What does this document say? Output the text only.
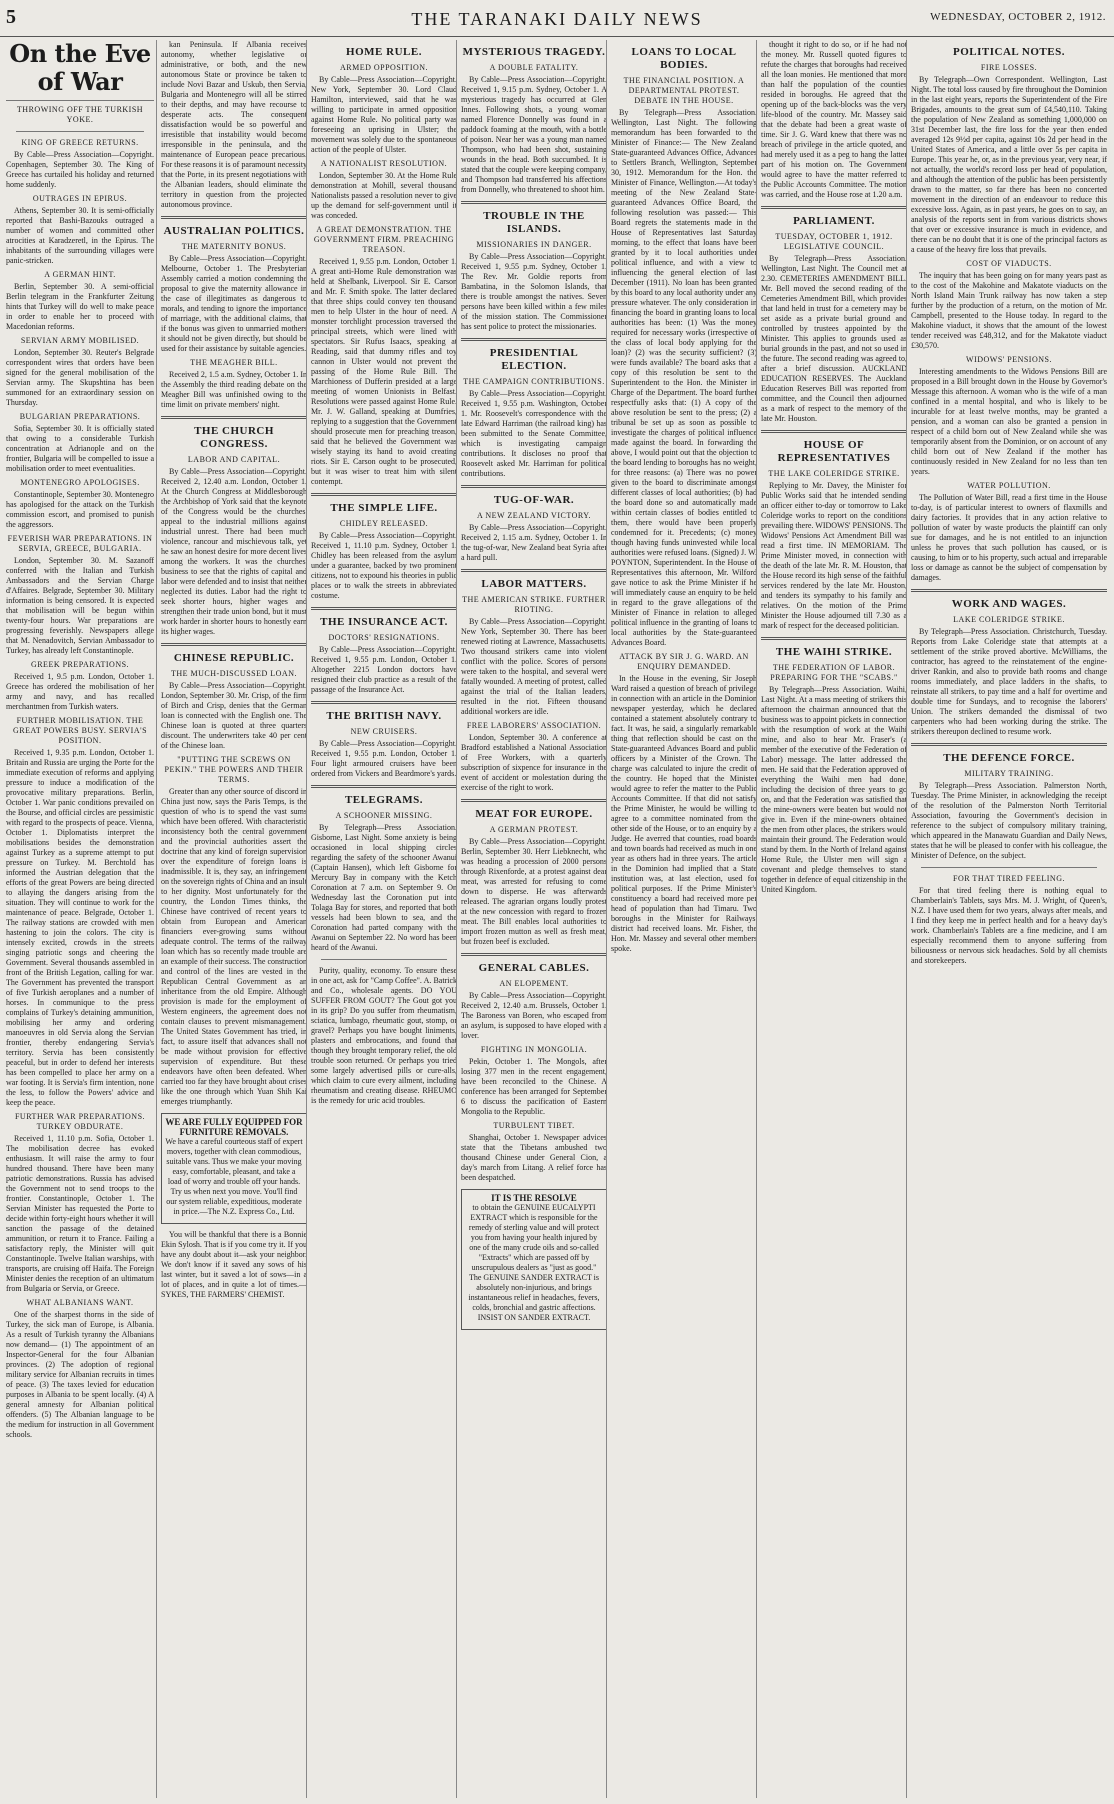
5	THE TARANAKI DAILY NEWS	WEDNESDAY, OCTOBER 2, 1912.
On the Eve of War
THROWING OFF THE TURKISH YOKE.
KING OF GREECE RETURNS.

By Cable—Press Association—Copyright. Copenhagen, September 30. The King of Greece has curtailed his holiday and returned home suddenly.

OUTRAGES IN EPIRUS.

Athens, September 30. It is semi-officially reported that Bashi-Bazouks outraged a number of women and committed other atrocities at Karadzeretl, in the Epirus. The inhabitants of the surrounding villages were panic-stricken.

A GERMAN HINT.

Berlin, September 30. A semi-official Berlin telegram in the Frankfurter Zeitung hints that Turkey will do well to make peace in order to enable her to proceed with Macedonian reforms.

SERVIAN ARMY MOBILISED.

London, September 30. Reuter's Belgrade correspondent wires that orders have been signed for the general mobilisation of the Servian army. The Skupshtina has been summoned for an extraordinary session on Thursday.

BULGARIAN PREPARATIONS.

Sofia, September 30. It is officially stated that owing to a considerable Turkish concentration at Adrianople and on the frontier, Bulgaria will be compelled to issue a mobilisation order to meet eventualities.

MONTENEGRO APOLOGISES.

Constantinople, September 30. Montenegro has apologised for the attack on the Turkish commission escort, and promised to punish the aggressors.

FEVERISH WAR PREPARATIONS. IN SERVIA, GREECE, BULGARIA.

London, September 30. M. Sazanoff conferred with the Italian and Turkish Ambassadors and the Servian Charge d'Affaires. Belgrade, September 30. Military information is being censored. It is expected that mobilisation will be begun within twenty-four hours. War preparations are progressing feverishly. Newspapers allege that M. Nenadovitch, Servian Ambassador to Turkey, has already left Constantinople.

GREEK PREPARATIONS.

Received 1, 9.5 p.m. London, October 1. Greece has ordered the mobilisation of her army and navy, and has recalled merchantmen from Turkish waters.

FURTHER MOBILISATION. THE GREAT POWERS BUSY. SERVIA'S POSITION.

Received 1, 9.35 p.m. London, October 1. Britain and Russia are urging the Porte for the immediate execution of reforms and applying pressure to induce a modification of the provocative military preparations. Berlin, October 1. War panic conditions prevailed on the Bourse, and official circles are pessimistic with regard to the prospects of peace. Vienna, October 1. Diplomatists interpret the mobilisations besides the demonstration against Turkey as a supreme attempt to put pressure on Turkey. M. Berchtold has informed the Austrian delegation that the efforts of the great Powers are being directed to allaying the dangers arising from the situation. They will continue to work for the maintenance of peace. Belgrade, October 1. The railway stations are crowded with men hastening to join the colors. The city is intensely excited, crowds in the streets singing patriotic songs and cheering the Government. Several thousands assembled in front of the British Legation, calling for war. The Government has prevented the transport of five Turkish aeroplanes and a number of horses. In communique to the press complains of Turkey's detaining ammunition, mobilising her army and ordering manoeuvres in old Servia along the Servian frontier, thereby endangering Servia's territory. Servia has been consistently peaceful, but in order to defend her interests has been compelled to place her army on a war footing. It is Servia's firm intention, none the less, to follow the Powers' advice and keep the peace.

FURTHER WAR PREPARATIONS. TURKEY OBDURATE.

Received 1, 11.10 p.m. Sofia, October 1. The mobilisation decree has evoked enthusiasm. It will raise the army to four hundred thousand. There have been many patriotic demonstrations. Russia has advised the Government not to send troops to the frontier. Constantinople, October 1. The Servian Minister has requested the Porte to decide within forty-eight hours whether it will sanction the passage of the detained ammunition, or return it to France. Failing a satisfactory reply, the Minister will quit Constantinople. Twelve Italian warships, with transports, are cruising off Haifa. The Foreign Minister denies the reception of an ultimatum from Bulgaria or Servia, or Greece.

WHAT ALBANIANS WANT.

One of the sharpest thorns in the side of Turkey, the sick man of Europe, is Albania. As a result of Turkish tyranny the Albanians now demand— (1) The appointment of an Inspector-General for the four Albanian provinces. (2) The adoption of regional military service for Albanian recruits in times of peace. (3) The taxes levied for education purposes in Albania to be spent locally. (4) A general amnesty for Albanian political offenders. (5) The Albanian language to be the medium for instruction in all Government schools.

kan Peninsula. If Albania receives autonomy, whether legislative or administrative, or both, and the new autonomous State or province be taken to include Novi Bazar and Uskub, then Servia, Bulgaria and Montenegro will all be stirred to their depths, and may have recourse to desperate acts. The consequent dissatisfaction would be so powerful and irresistible that instability would become irresponsible in the peninsula, and the maintenance of European peace precarious. For these reasons it is of paramount necessity that the Porte, in its present negotiations with the Albanian leaders, should eliminate the territory in question from the projected autonomous province.

AUSTRALIAN POLITICS.
THE MATERNITY BONUS.

By Cable—Press Association—Copyright. Melbourne, October 1. The Presbyterian Assembly carried a motion condemning the proposal to give the maternity allowance in the case of illegitimates as dangerous to morals, and tending to ignore the importance of marriage, with the additional claims, that if the bonus was given to unmarried mothers it should not be given directly, but should be used for their assistance by suitable agencies.

THE MEAGHER BILL.

Received 2, 1.5 a.m. Sydney, October 1. In the Assembly the third reading debate on the Meagher Bill was unfinished owing to the time limit on private members' night.

THE CHURCH CONGRESS.
LABOR AND CAPITAL.

By Cable—Press Association—Copyright. Received 2, 12.40 a.m. London, October 1. At the Church Congress at Middlesborough the Archbishop of York said that the keynote of the Congress would be the churches' appeal to the industrial millions against industrial unrest. There had been much violence, rancour and mischievous talk, yet he saw an honest desire for more decent lives among the workers. It was the churches' business to see that the rights of capital and labor were defended and to insist that neither neglected its duties. Labor had the right to seek shorter hours, higher wages and strengthen their trade union bond, but it must work harder in shorter hours to honestly earn its higher wages.

CHINESE REPUBLIC.
THE MUCH-DISCUSSED LOAN.

By Cable—Press Association—Copyright. London, September 30. Mr. Crisp, of the firm of Birch and Crisp, denies that the German loan is connected with the English one. The Chinese loan is quoted at three quarters discount. The underwriters take 40 per cent of the Chinese loan.

"PUTTING THE SCREWS ON PEKIN." THE POWERS AND THEIR TERMS.

Greater than any other source of discord in China just now, says the Paris Temps, is the question of who is to spend the vast sums which have been offered. With characteristic inconsistency both the central government and the provincial authorities assert the doctrine that any kind of foreign supervision over the expenditure of foreign loans is inadmissible. It is, they say, an infringement on the sovereign rights of China and an insult to her dignity. Most unfortunately for the country, the London Times thinks, the Chinese have contrived of recent years to obtain from European and American financiers ever-growing sums without adequate control. The terms of the railway loan which has so recently made trouble are an example of their success. The construction and control of the lines are vested in the Republican Central Government as an inheritance from the old Empire. Although provision is made for the employment of Western engineers, the agreement does not contain clauses to prevent mismanagement. The United States Government has tried, in fact, to assure itself that advances shall not be made without provision for effective supervision of expenditure. But these endeavors have often been defeated. When carried too far they have brought about crises like the one through which Yuan Shih Kai emerges triumphantly.

WE ARE FULLY EQUIPPED FOR FURNITURE REMOVALS.

We have a careful courteous staff of expert movers, together with clean commodious, suitable vans. Thus we make your moving easy, comfortable, pleasant, and take a load of worry and trouble off your hands. Try us when next you move. You'll find our system reliable, expeditious, moderate in price.—The N.Z. Express Co., Ltd.

You will be thankful that there is a Bonnie Ekin Sylosh. That is if you come try it. If you have any doubt about it—ask your neighbor. We don't know if it saved any sows of his last winter, but it saved a lot of sows—in a lot of places, and in quite a lot of times.—SYKES, THE FARMERS' CHEMIST.

HOME RULE.
ARMED OPPOSITION.

By Cable—Press Association—Copyright. New York, September 30. Lord Claud Hamilton, interviewed, said that he was willing to participate in armed opposition against Home Rule. No political party was foreseeing an uprising in Ulster; the movement was solely due to the spontaneous action of the people of Ulster.

A NATIONALIST RESOLUTION.

London, September 30. At the Home Rule demonstration at Mohill, several thousand Nationalists passed a resolution never to give up the demand for self-government until it was conceded.

A GREAT DEMONSTRATION. THE GOVERNMENT FIRM. PREACHING TREASON.

Received 1, 9.55 p.m. London, October 1. A great anti-Home Rule demonstration was held at Shelbank, Liverpool. Sir E. Carson and Mr. F. Smith spoke. The latter declared that three ships could convey ten thousand men to help Ulster in the hour of need. A monster torchlight procession traversed the principal streets, which were lined with spectators. Sir Rufus Isaacs, speaking at Reading, said that dummy rifles and toy cannon in Ulster would not prevent the passing of the Home Rule Bill. The Marchioness of Dufferin presided at a large meeting of women Unionists in Belfast. Resolutions were passed against Home Rule. Mr. J. W. Galland, speaking at Dumfries, replying to a suggestion that the Government should prosecute men for preaching treason, said that he believed the Government was wisely staying its hand to avoid creating riots. Sir E. Carson ought to be prosecuted, but it was wiser to treat him with silent contempt.

THE SIMPLE LIFE.
CHIDLEY RELEASED.

By Cable—Press Association—Copyright. Received 1, 11.10 p.m. Sydney, October 1. Chidley has been released from the asylum under a guarantee, backed by two prominent citizens, not to expound his theories in public places or to walk the streets in abbreviated costume.

THE INSURANCE ACT.
DOCTORS' RESIGNATIONS.

By Cable—Press Association—Copyright. Received 1, 9.55 p.m. London, October 1. Altogether 2215 London doctors have resigned their club practice as a result of the passage of the Insurance Act.

THE BRITISH NAVY.
NEW CRUISERS.

By Cable—Press Association—Copyright. Received 1, 9.55 p.m. London, October 1. Four light armoured cruisers have been ordered from Vickers and Beardmore's yards.

TELEGRAMS.
A SCHOONER MISSING.

By Telegraph—Press Association. Gisborne, Last Night. Some anxiety is being occasioned in local shipping circles regarding the safety of the schooner Awanui (Captain Hansen), which left Gisborne for Mercury Bay in company with the Ketch Coronation at 7 a.m. on September 9. On Wednesday last the Coronation put into Tolaga Bay for stores, and reported that both vessels had been blown to sea, and the Coronation had parted company with the Awanui on September 22. No word has been heard of the Awanui.

Purity, quality, economy. To ensure these in one act, ask for "Camp Coffee". A. Batrick and Co., wholesale agents. DO YOU SUFFER FROM GOUT? The Gout got you in its grip? Do you suffer from rheumatism, sciatica, lumbago, rheumatic gout, stomp, or gravel? Perhaps you have bought liniments, plasters and embrocations, and found that though they brought temporary relief, the old trouble soon returned. Or perhaps you tried some largely advertised pills or cure-alls, which claim to cure every ailment, including rheumatism and creating disease. RHEUMO is the remedy for uric acid troubles.

MYSTERIOUS TRAGEDY.
A DOUBLE FATALITY.

By Cable—Press Association—Copyright. Received 1, 9.15 p.m. Sydney, October 1. A mysterious tragedy has occurred at Glen Innes. Following shots, a young woman named Florence Donnelly was found in a paddock foaming at the mouth, with a bottle of poison. Near her was a young man named Thompson, who had been shot, sustaining wounds in the head. Both succumbed. It is stated that the couple were keeping company, and Thompson had transferred his affections from Donnelly, who threatened to shoot him.

TROUBLE IN THE ISLANDS.
MISSIONARIES IN DANGER.

By Cable—Press Association—Copyright. Received 1, 9.55 p.m. Sydney, October 1. The Rev. Mr. Goldie reports from Bambatina, in the Solomon Islands, that there is trouble amongst the natives. Seven persons have been killed within a few miles of the mission station. The Commissioner has sent police to protect the missionaries.

PRESIDENTIAL ELECTION.
THE CAMPAIGN CONTRIBUTIONS.

By Cable—Press Association—Copyright. Received 1, 9.55 p.m. Washington, October 1. Mr. Roosevelt's correspondence with the late Edward Harriman (the railroad king) has been submitted to the Senate Committee, which is investigating campaign contributions. It discloses no proof that Roosevelt asked Mr. Harriman for political contributions.

TUG-OF-WAR.
A NEW ZEALAND VICTORY.

By Cable—Press Association—Copyright. Received 2, 1.15 a.m. Sydney, October 1. In the tug-of-war, New Zealand beat Syria after a hard pull.

LABOR MATTERS.
THE AMERICAN STRIKE. FURTHER RIOTING.

By Cable—Press Association—Copyright. New York, September 30. There has been renewed rioting at Lawrence, Massachusetts. Two thousand strikers came into violent conflict with the police. Scores of persons were taken to the hospital, and several were fatally wounded. A meeting of protest, called against the trial of the Italian leaders, resulted in the riot. Fifteen thousand additional workers are idle.

FREE LABORERS' ASSOCIATION.

London, September 30. A conference at Bradford established a National Association of Free Workers, with a quarterly subscription of sixpence for insurance in the event of accident or molestation during the exercise of the right to work.

MEAT FOR EUROPE.
A GERMAN PROTEST.

By Cable—Press Association—Copyright. Berlin, September 30. Herr Liebknecht, who was heading a procession of 2000 persons through Rixenforde, at a protest against dear meat, was arrested for refusing to come down to disperse. He was afterwards released. The agrarian organs loudly protest at the new concession with regard to frozen meat. The Bill enables local authorities to import frozen mutton as well as fresh meat, but frozen beef is excluded.

GENERAL CABLES.
AN ELOPEMENT.

By Cable—Press Association—Copyright. Received 2, 12.40 a.m. Brussels, October 1. The Baroness van Boren, who escaped from an asylum, is supposed to have eloped with a lover.

FIGHTING IN MONGOLIA.

Pekin, October 1. The Mongols, after losing 377 men in the recent engagement, have been reconciled to the Chinese. A conference has been arranged for September 6 to discuss the pacification of Eastern Mongolia to the Republic.

TURBULENT TIBET.

Shanghai, October 1. Newspaper advices state that the Tibetans ambushed two thousand Chinese under General Cion, a day's march from Litang. A relief force has been despatched.

IT IS THE RESOLVE

to obtain the GENUINE EUCALYPTI EXTRACT which is responsible for the remedy of sterling value and will protect you from having your health injured by one of the many crude oils and so-called "Extracts" which are passed off by unscrupulous dealers as "just as good." The GENUINE SANDER EXTRACT is absolutely non-injurious, and brings instantaneous relief in headaches, fevers, colds, bronchial and gastric affections. INSIST ON SANDER EXTRACT.

LOANS TO LOCAL BODIES.
THE FINANCIAL POSITION. A DEPARTMENTAL PROTEST. DEBATE IN THE HOUSE.

By Telegraph—Press Association. Wellington, Last Night. The following memorandum has been forwarded to the Minister of Finance:— The New Zealand State-guaranteed Advances Office, Advances to Settlers Branch, Wellington, September 30, 1912. Memorandum for the Hon. the Minister of Finance, Wellington.—At today's meeting of the New Zealand State-guaranteed Advances Office Board, the following resolution was passed:— This Board regrets the statements made in the House of Representatives last Saturday morning, to the effect that loans have been granted by it to local authorities under political influence, and with a view to influencing the general election of last December (1911). No loan has been granted by this board to any local authority under any pressure whatever. The only consideration in financing the board in granting loans to local authorities has been: (1) Was the money required for necessary works (irrespective of the class of local body applying for the loan)? (2) was the security sufficient? (3) were funds available? The board asks that a copy of this resolution be sent to the Superintendent to the Hon. the Minister in Charge of the Department. The board further respectfully asks that: (1) A copy of the above resolution be sent to the press; (2) a tribunal be set up as soon as possible to investigate the charges of political influence made against the board. In forwarding the above, I would point out that the objection to the board lending to boroughs has no weight, for three reasons: (a) There was no power given to the board to discriminate amongst different classes of local authorities; (b) had the board done so and automatically made within certain classes of bodies entitled to them, there would have been properly condemned for it. Precedents; (c) money though having funds uninvested while local authorities were refused loans. (Signed) J. W. POYNTON, Superintendent. In the House of Representatives this afternoon, Mr. Wilford gave notice to ask the Prime Minister if he will immediately cause an enquiry to be held in regard to the grave allegations of the Minister of Finance in relation to alleged political influence in the granting of loans to local authorities by the State-guaranteed Advances Board.

ATTACK BY SIR J. G. WARD. AN ENQUIRY DEMANDED.

In the House in the evening, Sir Joseph Ward raised a question of breach of privilege in connection with an article in the Dominion newspaper yesterday, which he declared contained a statement absolutely contrary to fact. It was, he said, a singularly remarkable thing that reflection should be cast on the State-guaranteed Advances Board and public officers by a Minister of the Crown. The charge was calculated to injure the credit of the country. He hoped that the Minister would agree to refer the matter to the Public Accounts Committee. If that did not satisfy the Prime Minister, he would be willing to agree to a committee nominated from the other side of the House, or to an enquiry by a Judge. He averred that counties, road boards and town boards had received as much in one year as others had in three years. The article in the Dominion had implied that a State institution was, at last election, used for political purposes. If the Prime Minister's constituency a board had received more per head of population than had Timaru. Two boroughs in the Minister for Railways' district had received loans. Mr. Fisher, the Hon. Mr. Massey and several other members spoke.

thought it right to do so, or if he had not the money. Mr. Russell quoted figures to refute the charges that boroughs had received all the loan monies. He mentioned that more than half the population of the counties resided in boroughs. He agreed that the opening up of the back-blocks was the very life-blood of the country. Mr. Massey said that the debate had been a great waste of time. Sir J. G. Ward knew that there was no breach of privilege in the article quoted, and had merely used it as a peg to hang the latter part of his motion on. The Government would agree to have the matter referred to the Public Accounts Committee. The motion was carried, and the House rose at 1.20 a.m.

PARLIAMENT.
TUESDAY, OCTOBER 1, 1912. LEGISLATIVE COUNCIL.

By Telegraph—Press Association. Wellington, Last Night. The Council met at 2.30. CEMETERIES AMENDMENT BILL. Mr. Bell moved the second reading of the Cemeteries Amendment Bill, which provides that land held in trust for a cemetery may be set aside as a private burial ground and controlled by trustees appointed by the Minister. This applies to grounds used as burial grounds in the past, and not so used in the future. The second reading was agreed to, after a brief discussion. AUCKLAND EDUCATION RESERVES. The Auckland Education Reserves Bill was reported from committee, and the Council then adjourned as a mark of respect to the memory of the late Mr. Houston.

HOUSE OF REPRESENTATIVES
THE LAKE COLERIDGE STRIKE.

Replying to Mr. Davey, the Minister for Public Works said that he intended sending an officer either to-day or tomorrow to Lake Coleridge works to report on the conditions prevailing there. WIDOWS' PENSIONS. The Widows' Pensions Act Amendment Bill was read a first time. IN MEMORIAM. The Prime Minister moved, in connection with the death of the late Mr. R. M. Houston, that the House record its high sense of the faithful services rendered by the late Mr. Houston, and tenders its sympathy to his family and relatives. On the motion of the Prime Minister the House adjourned till 7.30 as a mark of respect for the deceased politician.

THE WAIHI STRIKE.
THE FEDERATION OF LABOR. PREPARING FOR THE "SCABS."

By Telegraph—Press Association. Waihi, Last Night. At a mass meeting of strikers this afternoon the chairman announced that the business was to appoint pickets in connection with the resumption of work at the Waihi mine, and also to hear Mr. Fraser's (a member of the executive of the Federation of Labor) message. The latter addressed the men. He said that the Federation approved of everything the Waihi men had done, including the decision of three years to go on, and that the Federation was satisfied that the mine-owners were beaten but would not give in. Even if the mine-owners obtained the men from other places, the strikers would maintain their ground. The Federation would stand by them. In the North of Ireland against Home Rule, the Ulster men will sign a covenant and pledge themselves to stand together in defence of equal citizenship in the United Kingdom.

POLITICAL NOTES.
FIRE LOSSES.

By Telegraph—Own Correspondent. Wellington, Last Night. The total loss caused by fire throughout the Dominion in the last eight years, reports the Superintendent of the Fire Brigades, amounts to the great sum of £4,540,110. Taking the population of New Zealand as something 1,000,000 on 31st December last, the fire loss for the year then ended averaged 12s 9½d per capita, against 10s 2d per head in the United States of America, and a little over 5s per capita in Europe. This year he, or, as in the previous year, very near, if not actually, the world's record loss per head of population, and although the attention of the public has been persistently drawn to the matter, so far there has been no concerted movement in the direction of an endeavour to reduce this excessive loss. Again, as in past years, he goes on to say, an analysis of the reports sent in from various districts shows that over or excessive insurance is much in evidence, and there can be no doubt that it is one of the principal factors as a cause of the heavy fire loss that prevails.

COST OF VIADUCTS.

The inquiry that has been going on for many years past as to the cost of the Makohine and Makatote viaducts on the North Island Main Trunk railway has now taken a step further by the production of a return, on the motion of Mr. Campbell, presented to the House today. In regard to the Makohine viaduct, it shows that the amount of the lowest tender received was £48,312, and for the Makatote viaduct £30,570.

WIDOWS' PENSIONS.

Interesting amendments to the Widows Pensions Bill are proposed in a Bill brought down in the House by Governor's Message this afternoon. A woman who is the wife of a man confined in a mental hospital, and who is likely to be incurable for at least twelve months, may be granted a pension, and a woman can also be granted a pension in respect of a child born out of New Zealand while she was temporarily absent from the Dominion, or on account of any child born out of New Zealand if the mother has continuously resided in New Zealand for no less than ten years.

WATER POLLUTION.

The Pollution of Water Bill, read a first time in the House to-day, is of particular interest to owners of flaxmills and dairy factories. It provides that in any action relative to pollution of water by waste products the plaintiff can only sue for damages, and he is not entitled to an injunction unless he proves that such pollution has caused, or is causing, to him or to his property, such actual and irreparable loss or damage as cannot be the subject of compensation by damages.

WORK AND WAGES.
LAKE COLERIDGE STRIKE.

By Telegraph—Press Association. Christchurch, Tuesday. Reports from Lake Coleridge state that attempts at a settlement of the strike proved abortive. McWilliams, the contractor, has agreed to the reinstatement of the engine-driver Rankin, and also to provide bath rooms and change rooms immediately, and place ladders in the shafts, to reinstate all strikers, to pay time and a half for overtime and double time for Sundays, and to recognise the laborers' Union. The strikers demanded the dismissal of two carpenters who had been working during the strike. The strikers thereupon declined to resume work.

THE DEFENCE FORCE.
MILITARY TRAINING.

By Telegraph—Press Association. Palmerston North, Tuesday. The Prime Minister, in acknowledging the receipt of the resolution of the Palmerston North Territorial Association, favouring the Government's decision in reference to the subject of compulsory military training, which appeared in the Manawatu Guardian and Daily News, states that he will be pleased to confer with his colleague, the Minister of Defence, on the subject.

FOR THAT TIRED FEELING.

For that tired feeling there is nothing equal to Chamberlain's Tablets, says Mrs. M. J. Wright, of Queen's, N.Z. I have used them for two years, always after meals, and I find they keep me in perfect health and for a heavy day's work. Chamberlain's Tablets are a fine medicine, and I am especially recommend them to anyone suffering from biliousness or nervous sick headaches. Sold by all chemists and storekeepers.
